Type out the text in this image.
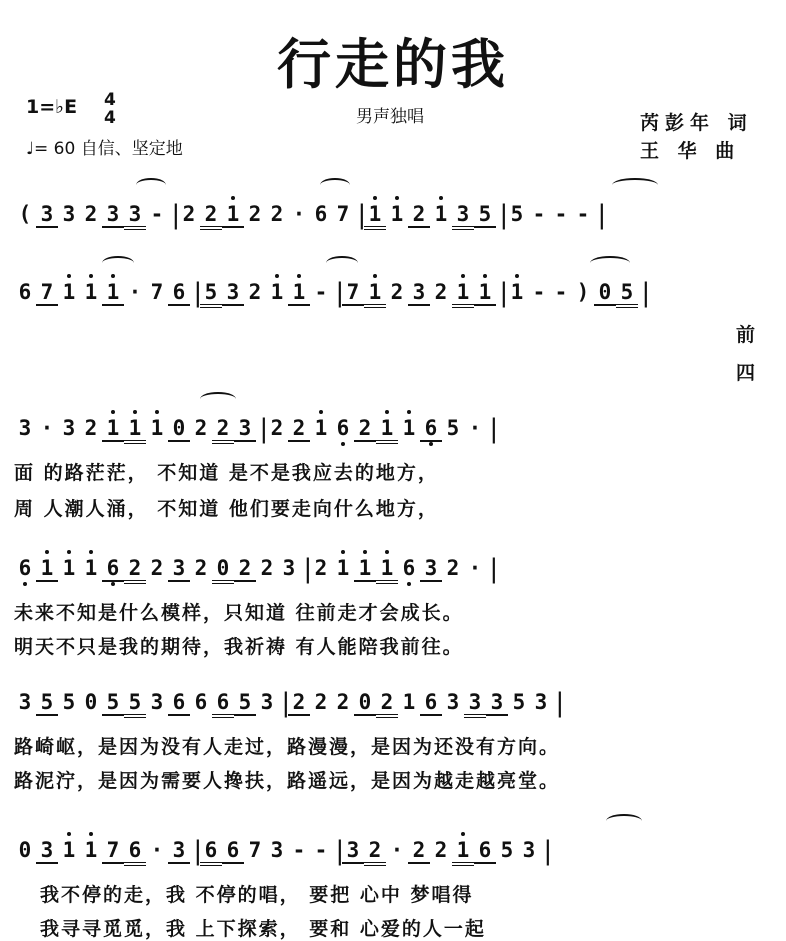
行走的我
1=♭E 4
4
♩= 60 自信、坚定地
男声独唱	芮彭年 词
王 华 曲
( 3 3 2 3 3 - |2 2 1 2 2 · 6 7 |1 1 2 1 3 5 |5 - - - |
6 7 1 1 1 · 7 6 |5 3 2 1 1 - |7 1 2 3 2 1 1 |1 - - ) 0 5 |
前
四
3 · 3 2 1 1 1 0 2 2 3 |2 2 1 6 2 1 1 6 5 · |
面 的路茫茫， 不知道 是不是我应去的地方，
周 人潮人涌， 不知道 他们要走向什么地方，
6 1 1 1 6 2 2 3 2 0 2 2 3 |2 1 1 1 6 3 2 · |
未来不知是什么模样，只知道 往前走才会成长。
明天不只是我的期待，我祈祷 有人能陪我前往。
3 5 5 0 5 5 3 6 6 6 5 3 |2 2 2 0 2 1 6 3 3 3 5 3 |
路崎岖，是因为没有人走过，路漫漫，是因为还没有方向。
路泥泞，是因为需要人搀扶，路遥远，是因为越走越亮堂。
0 3 1 1 7 6 · 3 |6 6 7 3 - - |3 2 · 2 2 1 6 5 3 |
我不停的走，我 不停的唱， 要把 心中 梦唱得
我寻寻觅觅，我 上下探索， 要和 心爱的人一起
